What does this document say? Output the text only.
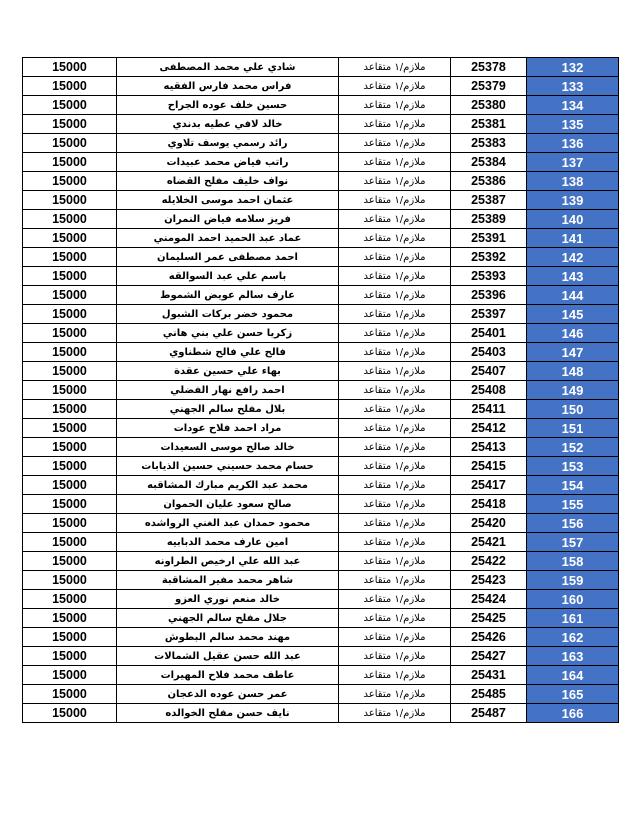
15000	شادي علي محمد المصطفى	ملازم/١ متقاعد	25378	132
15000	فراس محمد فارس الفقيه	ملازم/١ متقاعد	25379	133
15000	حسين خلف عوده الجراح	ملازم/١ متقاعد	25380	134
15000	خالد لافي عطيه بدندي	ملازم/١ متقاعد	25381	135
15000	رائد رسمي يوسف تلاوي	ملازم/١ متقاعد	25383	136
15000	راتب فياض محمد عبيدات	ملازم/١ متقاعد	25384	137
15000	نواف خليف مفلح القضاه	ملازم/١ متقاعد	25386	138
15000	عثمان احمد موسى الخلايله	ملازم/١ متقاعد	25387	139
15000	فريز سلامه فياض النمران	ملازم/١ متقاعد	25389	140
15000	عماد عبد الحميد احمد المومني	ملازم/١ متقاعد	25391	141
15000	احمد مصطفى عمر السليمان	ملازم/١ متقاعد	25392	142
15000	باسم علي عبد السوالقه	ملازم/١ متقاعد	25393	143
15000	عارف سالم عويض الشموط	ملازم/١ متقاعد	25396	144
15000	محمود خضر بركات الشبول	ملازم/١ متقاعد	25397	145
15000	زكريا حسن علي بني هاني	ملازم/١ متقاعد	25401	146
15000	فالح علي فالح شطناوي	ملازم/١ متقاعد	25403	147
15000	بهاء علي حسين عقدة	ملازم/١ متقاعد	25407	148
15000	احمد رافع نهار الفضلي	ملازم/١ متقاعد	25408	149
15000	بلال مفلح سالم الجهني	ملازم/١ متقاعد	25411	150
15000	مراد احمد فلاح عودات	ملازم/١ متقاعد	25412	151
15000	خالد صالح موسى السعيدات	ملازم/١ متقاعد	25413	152
15000	حسام محمد حسيني حسين الذيابات	ملازم/١ متقاعد	25415	153
15000	محمد عبد الكريم مبارك المشاقبه	ملازم/١ متقاعد	25417	154
15000	صالح سعود عليان الحموان	ملازم/١ متقاعد	25418	155
15000	محمود حمدان عبد الغني الرواشده	ملازم/١ متقاعد	25420	156
15000	امين عارف محمد الدبابيه	ملازم/١ متقاعد	25421	157
15000	عبد الله علي ارخيص الطراونه	ملازم/١ متقاعد	25422	158
15000	شاهر محمد مفير المشاقبة	ملازم/١ متقاعد	25423	159
15000	خالد منعم نوري العزو	ملازم/١ متقاعد	25424	160
15000	جلال مفلح سالم الجهني	ملازم/١ متقاعد	25425	161
15000	مهند محمد سالم البطوش	ملازم/١ متقاعد	25426	162
15000	عبد الله حسن عقيل الشمالات	ملازم/١ متقاعد	25427	163
15000	عاطف محمد فلاح المهيرات	ملازم/١ متقاعد	25431	164
15000	عمر حسن عوده الدعجان	ملازم/١ متقاعد	25485	165
15000	نايف حسن مفلح الخوالده	ملازم/١ متقاعد	25487	166
